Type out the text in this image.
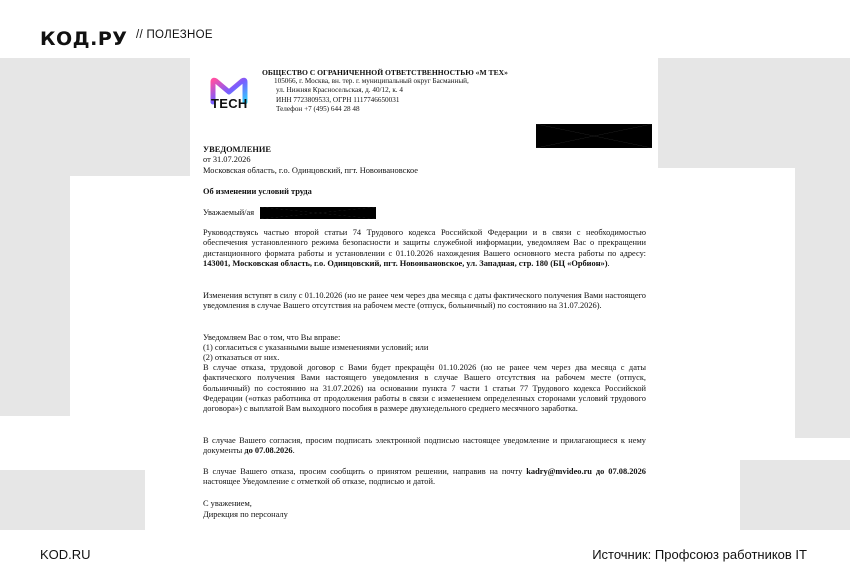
КОД.РУ // ПОЛЕЗНОЕ
TECH
ОБЩЕСТВО С ОГРАНИЧЕННОЙ ОТВЕТСТВЕННОСТЬЮ «М ТЕХ»
105066, г. Москва, вн. тер. г. муниципальный округ Басманный,
ул. Нижняя Красносельская, д. 40/12, к. 4
ИНН 7723809533, ОГРН 1117746650031
Телефон +7 (495) 644 28 48
УВЕДОМЛЕНИЕ
от 31.07.2026
Московская область, г.о. Одинцовский, пгт. Новоивановское
Об изменении условий труда
Уважаемый/ая
Руководствуясь частью второй статьи 74 Трудового кодекса Российской Федерации и в связи с необходимостью обеспечения установленного режима безопасности и защиты служебной информации, уведомляем Вас о прекращении дистанционного формата работы и установлении с 01.10.2026 нахождения Вашего основного места работы по адресу: 143001, Московская область, г.о. Одинцовский, пгт. Новоивановское, ул. Западная, стр. 180 (БЦ «Орбион»).
Изменения вступят в силу с 01.10.2026 (но не ранее чем через два месяца с даты фактического получения Вами настоящего уведомления в случае Вашего отсутствия на рабочем месте (отпуск, больничный) по состоянию на 31.07.2026).
Уведомляем Вас о том, что Вы вправе:
(1) согласиться с указанными выше изменениями условий; или
(2) отказаться от них.
В случае отказа, трудовой договор с Вами будет прекращён 01.10.2026 (но не ранее чем через два месяца с даты фактического получения Вами настоящего уведомления в случае Вашего отсутствия на рабочем месте (отпуск, больничный) по состоянию на 31.07.2026) на основании пункта 7 части 1 статьи 77 Трудового кодекса Российской Федерации («отказ работника от продолжения работы в связи с изменением определенных сторонами условий трудового договора») с выплатой Вам выходного пособия в размере двухнедельного среднего месячного заработка.
В случае Вашего согласия, просим подписать электронной подписью настоящее уведомление и прилагающиеся к нему документы до 07.08.2026.
В случае Вашего отказа, просим сообщить о принятом решении, направив на почту kadry@mvideo.ru до 07.08.2026 настоящее Уведомление с отметкой об отказе, подписью и датой.
С уважением,
Дирекция по персоналу
KOD.RU	Источник: Профсоюз работников IT
